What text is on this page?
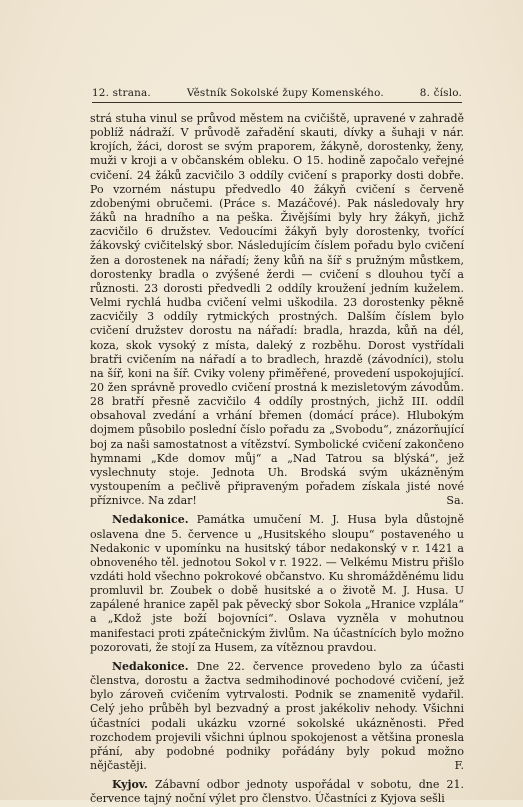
12. strana.	Věstník Sokolské župy Komenského.	8. číslo.

strá stuha vinul se průvod městem na cvičiště, upravené v zahradě poblíž nádraží. V průvodě zařadění skauti, dívky a šuhaji v nár. krojích, žáci, dorost se svým praporem, žákyně, dorostenky, ženy, muži v kroji a v občanském obleku. O 15. hodině započalo veřejné cvičení. 24 žáků zacvičilo 3 oddíly cvičení s praporky dosti dobře. Po vzorném nástupu předvedlo 40 žákyň cvičení s červeně zdobenými obručemi. (Práce s. Mazáčové). Pak následovaly hry žáků na hradního a na peška. Živějšími byly hry žákyň, jichž zacvičilo 6 družstev. Vedoucími žákyň byly dorostenky, tvořící žákovský cvičitelský sbor. Následujícím číslem pořadu bylo cvičení žen a dorostenek na nářadí; ženy kůň na šíř s pružným můstkem, dorostenky bradla o zvýšené žerdi — cvičení s dlouhou tyčí a různosti. 23 dorosti předvedli 2 oddíly kroužení jedním kuželem. Velmi rychlá hudba cvičení velmi uškodila. 23 dorostenky pěkně zacvičily 3 oddíly rytmických prostných. Dalším číslem bylo cvičení družstev dorostu na nářadí: bradla, hrazda, kůň na dél, koza, skok vysoký z místa, daleký z rozběhu. Dorost vystřídali bratři cvičením na nářadí a to bradlech, hrazdě (závodníci), stolu na šíř, koni na šíř. Cviky voleny přiměřené, provedení uspokojující. 20 žen správně provedlo cvičení prostná k mezisletovým závodům. 28 bratří přesně zacvičilo 4 oddíly prostných, jichž III. oddíl obsahoval zvedání a vrhání břemen (domácí práce). Hlubokým dojmem působilo poslední číslo pořadu za „Svobodu“, znázorňující boj za naši samostatnost a vítězství. Symbolické cvičení zakončeno hymnami „Kde domov můj“ a „Nad Tatrou sa blýská“, jež vyslechnuty stoje. Jednota Uh. Brodská svým ukázněným vystoupením a pečlivě připraveným pořadem získala jisté nové příznivce. Na zdar!	Sa.

Nedakonice. Památka umučení M. J. Husa byla důstojně oslavena dne 5. července u „Husitského sloupu“ postaveného u Nedakonic v upomínku na husitský tábor nedakonský v r. 1421 a obnoveného těl. jednotou Sokol v r. 1922. — Velkému Mistru přišlo vzdáti hold všechno pokrokové občanstvo. Ku shromážděnému lidu promluvil br. Zoubek o době husitské a o životě M. J. Husa. U zapálené hranice zapěl pak pěvecký sbor Sokola „Hranice vzplála“ a „Kdož jste boží bojovníci“. Oslava vyzněla v mohutnou manifestaci proti zpátečnickým živlům. Na účastnících bylo možno pozorovati, že stojí za Husem, za vítěznou pravdou.

Nedakonice. Dne 22. července provedeno bylo za účasti členstva, dorostu a žactva sedmihodinové pochodové cvičení, jež bylo zároveň cvičením vytrvalosti. Podnik se znamenitě vydařil. Celý jeho průběh byl bezvadný a prost jakékoliv nehody. Všichni účastníci podali ukázku vzorné sokolské ukázněnosti. Před rozchodem projevili všichni úplnou spokojenost a většina pronesla přání, aby podobné podniky pořádány byly pokud možno nějčastěji.	F.

Kyjov. Zábavní odbor jednoty uspořádal v sobotu, dne 21. července tajný noční výlet pro členstvo. Účastníci z Kyjova sešli
